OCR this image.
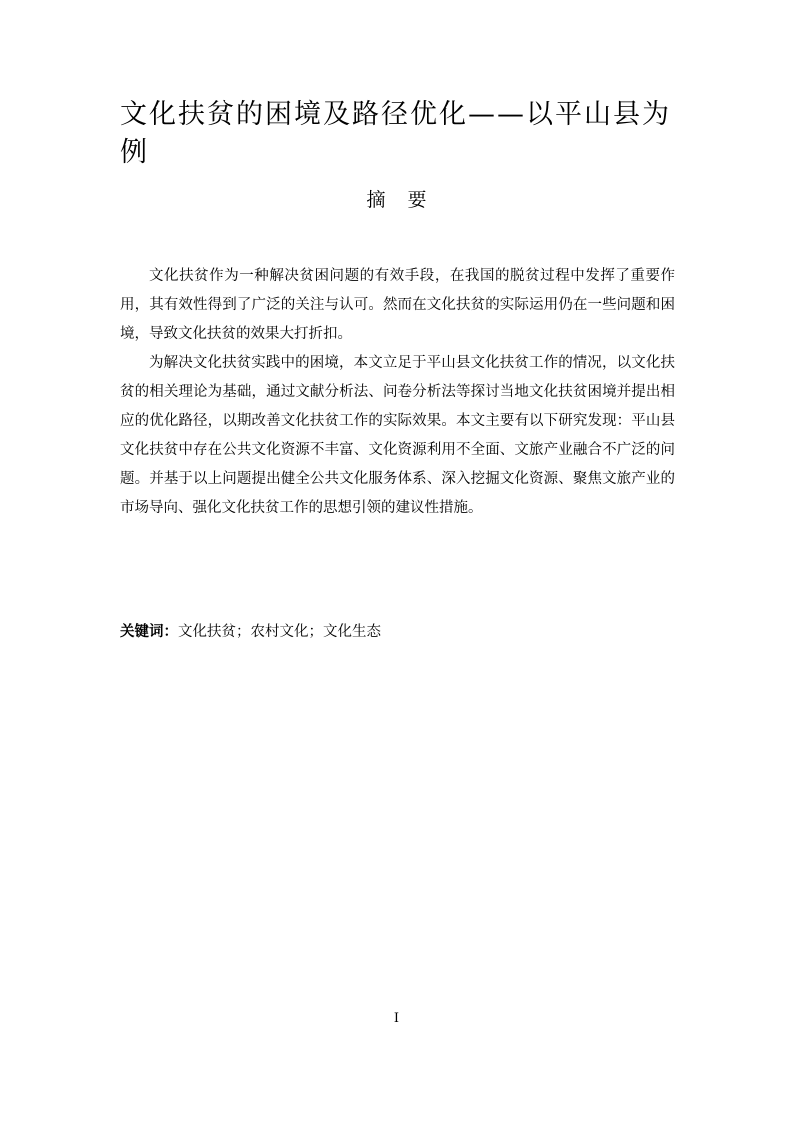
文化扶贫的困境及路径优化——以平山县为例
摘 要

文化扶贫作为一种解决贫困问题的有效手段，在我国的脱贫过程中发挥了重要作用，其有效性得到了广泛的关注与认可。然而在文化扶贫的实际运用仍在一些问题和困境，导致文化扶贫的效果大打折扣。

为解决文化扶贫实践中的困境，本文立足于平山县文化扶贫工作的情况，以文化扶贫的相关理论为基础，通过文献分析法、问卷分析法等探讨当地文化扶贫困境并提出相应的优化路径，以期改善文化扶贫工作的实际效果。本文主要有以下研究发现：平山县文化扶贫中存在公共文化资源不丰富、文化资源利用不全面、文旅产业融合不广泛的问题。并基于以上问题提出健全公共文化服务体系、深入挖掘文化资源、聚焦文旅产业的市场导向、强化文化扶贫工作的思想引领的建议性措施。

关键词：文化扶贫；农村文化；文化生态
I
